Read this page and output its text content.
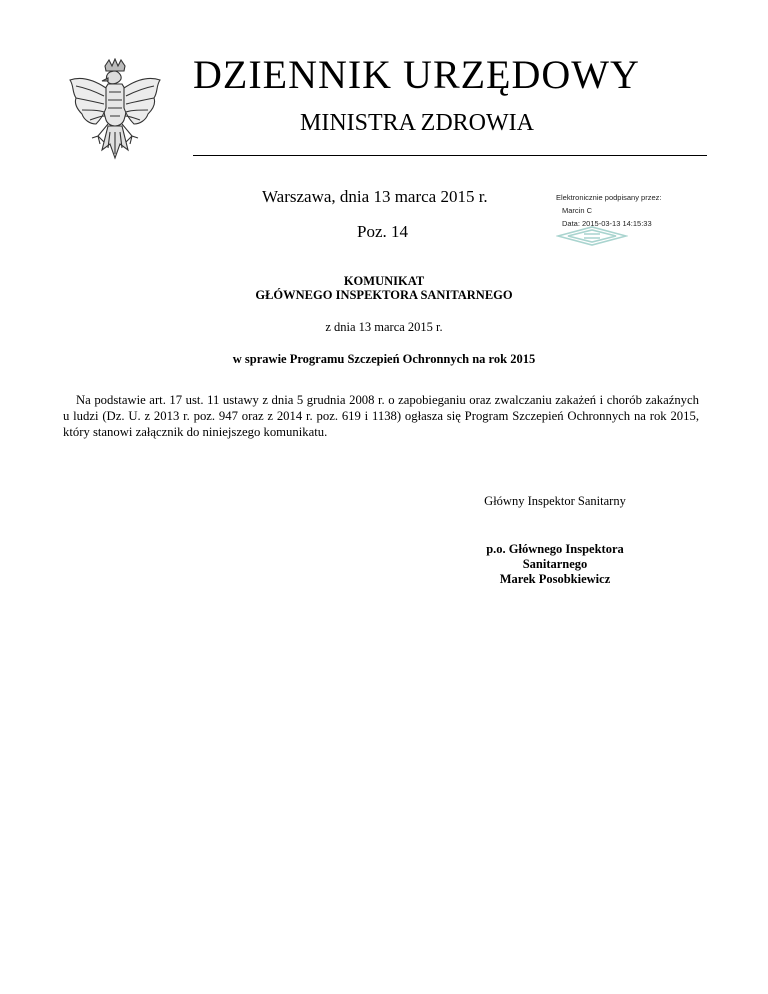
DZIENNIK URZĘDOWY
MINISTRA ZDROWIA
Warszawa, dnia 13 marca 2015 r.
Poz. 14
Elektronicznie podpisany przez:
Marcin C
Data: 2015-03-13 14:15:33
KOMUNIKAT
GŁÓWNEGO INSPEKTORA SANITARNEGO
z dnia 13 marca 2015 r.
w sprawie Programu Szczepień Ochronnych na rok 2015
Na podstawie art. 17 ust. 11 ustawy z dnia 5 grudnia 2008 r. o zapobieganiu oraz zwalczaniu zakażeń i chorób zakaźnych u ludzi (Dz. U. z 2013 r. poz. 947 oraz z 2014 r. poz. 619 i 1138) ogłasza się Program Szczepień Ochronnych na rok 2015, który stanowi załącznik do niniejszego komunikatu.
Główny Inspektor Sanitarny
p.o. Głównego Inspektora
Sanitarnego
Marek Posobkiewicz
